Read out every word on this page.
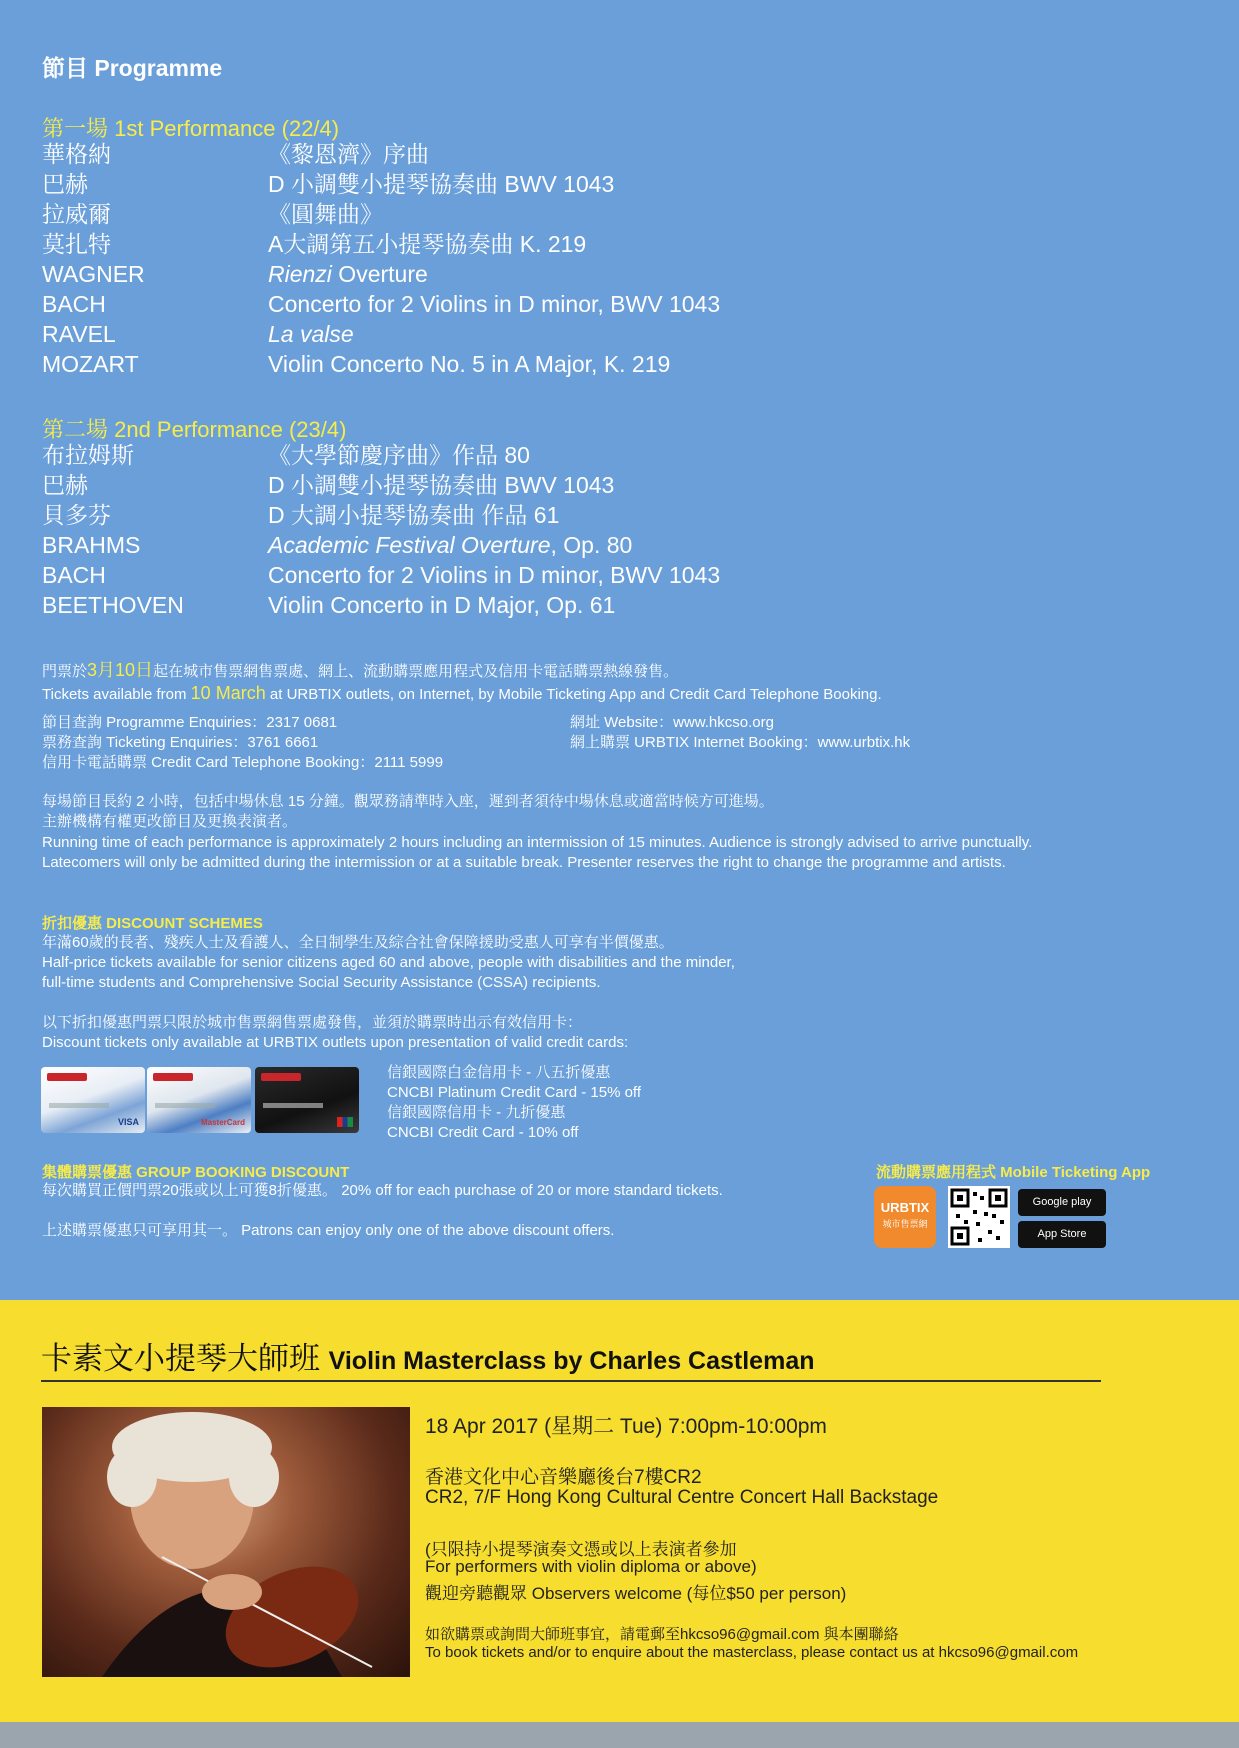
節目 Programme
第一場 1st Performance (22/4)
華格納	《黎恩濟》序曲
巴赫	D 小調雙小提琴協奏曲 BWV 1043
拉威爾	《圓舞曲》
莫扎特	A大調第五小提琴協奏曲 K. 219
WAGNER	Rienzi Overture
BACH	Concerto for 2 Violins in D minor, BWV 1043
RAVEL	La valse
MOZART	Violin Concerto No. 5 in A Major, K. 219
第二場 2nd Performance (23/4)
布拉姆斯	《大學節慶序曲》作品 80
巴赫	D 小調雙小提琴協奏曲 BWV 1043
貝多芬	D 大調小提琴協奏曲 作品 61
BRAHMS	Academic Festival Overture, Op. 80
BACH	Concerto for 2 Violins in D minor, BWV 1043
BEETHOVEN	Violin Concerto in D Major, Op. 61
門票於3月10日起在城市售票網售票處、網上、流動購票應用程式及信用卡電話購票熱線發售。
Tickets available from 10 March at URBTIX outlets, on Internet, by Mobile Ticketing App and Credit Card Telephone Booking.
節目查詢 Programme Enquiries：2317 0681
票務查詢 Ticketing Enquiries：3761 6661
信用卡電話購票 Credit Card Telephone Booking：2111 5999
網址 Website：www.hkcso.org
網上購票 URBTIX Internet Booking：www.urbtix.hk
每場節目長約 2 小時，包括中場休息 15 分鐘。觀眾務請準時入座，遲到者須待中場休息或適當時候方可進場。
主辦機構有權更改節目及更換表演者。
Running time of each performance is approximately 2 hours including an intermission of 15 minutes. Audience is strongly advised to arrive punctually.
Latecomers will only be admitted during the intermission or at a suitable break. Presenter reserves the right to change the programme and artists.
折扣優惠 DISCOUNT SCHEMES
年滿60歲的長者、殘疾人士及看護人、全日制學生及綜合社會保障援助受惠人可享有半價優惠。
Half-price tickets available for senior citizens aged 60 and above, people with disabilities and the minder,
full-time students and Comprehensive Social Security Assistance (CSSA) recipients.
以下折扣優惠門票只限於城市售票網售票處發售，並須於購票時出示有效信用卡：
Discount tickets only available at URBTIX outlets upon presentation of valid credit cards:
VISA	MasterCard
信銀國際白金信用卡 - 八五折優惠
CNCBI Platinum Credit Card - 15% off
信銀國際信用卡 - 九折優惠
CNCBI Credit Card - 10% off
集體購票優惠 GROUP BOOKING DISCOUNT
每次購買正價門票20張或以上可獲8折優惠。 20% off for each purchase of 20 or more standard tickets.
上述購票優惠只可享用其一。 Patrons can enjoy only one of the above discount offers.
流動購票應用程式 Mobile Ticketing App
URBTIX
城市售票網
Google play
App Store
卡素文小提琴大師班 Violin Masterclass by Charles Castleman
18 Apr 2017 (星期二 Tue) 7:00pm-10:00pm
香港文化中心音樂廳後台7樓CR2
CR2, 7/F Hong Kong Cultural Centre Concert Hall Backstage
(只限持小提琴演奏文憑或以上表演者參加
For performers with violin diploma or above)
觀迎旁聽觀眾 Observers welcome (每位$50 per person)
如欲購票或詢問大師班事宜，請電郵至hkcso96@gmail.com 與本團聯絡
To book tickets and/or to enquire about the masterclass, please contact us at hkcso96@gmail.com
